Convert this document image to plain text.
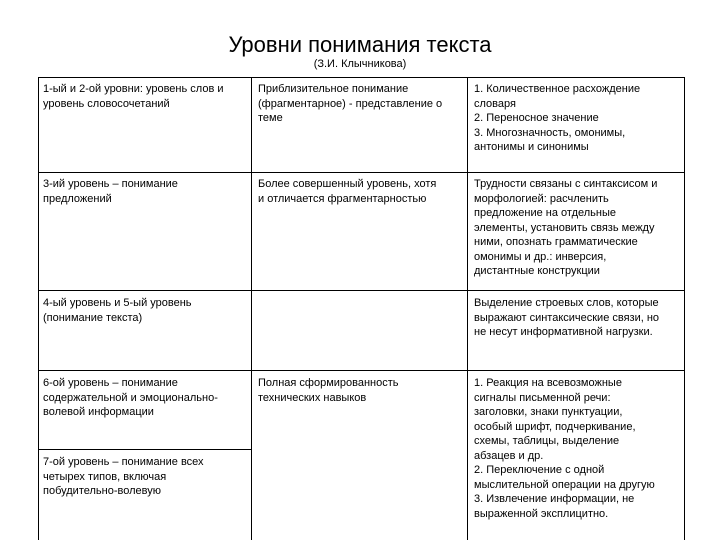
Уровни понимания текста
(З.И. Клычникова)
1-ый и 2-ой уровни: уровень слов и
уровень словосочетаний
Приблизительное понимание
(фрагментарное) - представление о
теме
1. Количественное расхождение
словаря
2. Переносное значение
3. Многозначность, омонимы,
антонимы и синонимы
3-ий уровень – понимание
предложений
Более совершенный уровень, хотя
и отличается фрагментарностью
Трудности связаны с синтаксисом и
морфологией: расчленить
предложение на отдельные
элементы, установить связь между
ними, опознать грамматические
омонимы и др.: инверсия,
дистантные конструкции
4-ый уровень и 5-ый уровень
(понимание текста)
Выделение строевых слов, которые
выражают синтаксические связи, но
не несут информативной нагрузки.
6-ой уровень – понимание
содержательной и эмоционально-
волевой информации
7-ой уровень – понимание всех
четырех типов, включая
побудительно-волевую
Полная сформированность
технических навыков
1. Реакция на всевозможные
сигналы письменной речи:
заголовки, знаки пунктуации,
особый шрифт, подчеркивание,
схемы, таблицы, выделение
абзацев и др.
2. Переключение с одной
мыслительной операции на другую
3. Извлечение информации, не
выраженной эксплицитно.
